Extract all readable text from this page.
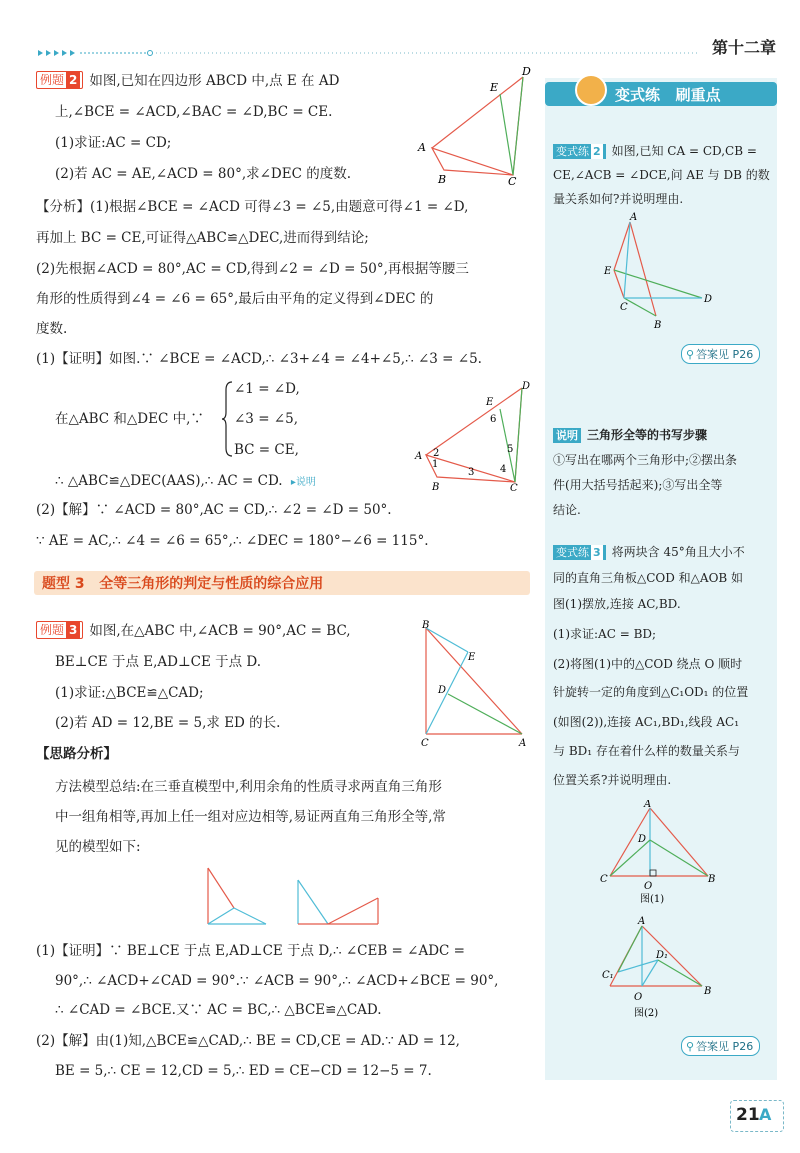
第十二章
例题 2 如图,已知在四边形 ABCD 中,点 E 在 AD
上,∠BCE = ∠ACD,∠BAC = ∠D,BC = CE.
(1)求证:AC = CD;
(2)若 AC = AE,∠ACD = 80°,求∠DEC 的度数.
E
D
A
B	C
【分析】(1)根据∠BCE = ∠ACD 可得∠3 = ∠5,由题意可得∠1 = ∠D,
再加上 BC = CE,可证得△ABC≌△DEC,进而得到结论;
(2)先根据∠ACD = 80°,AC = CD,得到∠2 = ∠D = 50°,再根据等腰三
角形的性质得到∠4 = ∠6 = 65°,最后由平角的定义得到∠DEC 的
度数.
(1)【证明】如图.∵ ∠BCE = ∠ACD,∴ ∠3+∠4 = ∠4+∠5,∴ ∠3 = ∠5.
在△ABC 和△DEC 中,∵
∠1 = ∠D,
∠3 = ∠5,
BC = CE,
∴ △ABC≌△DEC(AAS),∴ AC = CD. ▸说明
D
E
6
5
A 2
1
3	4
B	C
(2)【解】∵ ∠ACD = 80°,AC = CD,∴ ∠2 = ∠D = 50°.
∵ AE = AC,∴ ∠4 = ∠6 = 65°,∴ ∠DEC = 180°−∠6 = 115°.
题型 3   全等三角形的判定与性质的综合应用
例题 3 如图,在△ABC 中,∠ACB = 90°,AC = BC,
BE⊥CE 于点 E,AD⊥CE 于点 D.
(1)求证:△BCE≌△CAD;
(2)若 AD = 12,BE = 5,求 ED 的长.
B
E
D
C	A
【思路分析】
方法模型总结:在三垂直模型中,利用余角的性质寻求两直角三角形
中一组角相等,再加上任一组对应边相等,易证两直角三角形全等,常
见的模型如下:
(1)【证明】∵ BE⊥CE 于点 E,AD⊥CE 于点 D,∴ ∠CEB = ∠ADC =
90°,∴ ∠ACD+∠CAD = 90°.∵ ∠ACB = 90°,∴ ∠ACD+∠BCE = 90°,
∴ ∠CAD = ∠BCE.又∵ AC = BC,∴ △BCE≌△CAD.
(2)【解】由(1)知,△BCE≌△CAD,∴ BE = CD,CE = AD.∵ AD = 12,
BE = 5,∴ CE = 12,CD = 5,∴ ED = CE−CD = 12−5 = 7.
变式练   刷重点
变式练 2 如图,已知 CA = CD,CB =
CE,∠ACB = ∠DCE,问 AE 与 DB 的数
量关系如何?并说明理由.
A
E
C
D
B
⚲ 答案见 P26
说明 三角形全等的书写步骤
①写出在哪两个三角形中;②摆出条
件(用大括号括起来);③写出全等
结论.
变式练 3 将两块含 45°角且大小不
同的直角三角板△COD 和△AOB 如
图(1)摆放,连接 AC,BD.
(1)求证:AC = BD;
(2)将图(1)中的△COD 绕点 O 顺时
针旋转一定的角度到△C₁OD₁ 的位置
(如图(2)),连接 AC₁,BD₁,线段 AC₁
与 BD₁ 存在着什么样的数量关系与
位置关系?并说明理由.
A
D
C
O
B
图(1)
A
D₁
C₁
O
B
图(2)
⚲ 答案见 P26
21 A
